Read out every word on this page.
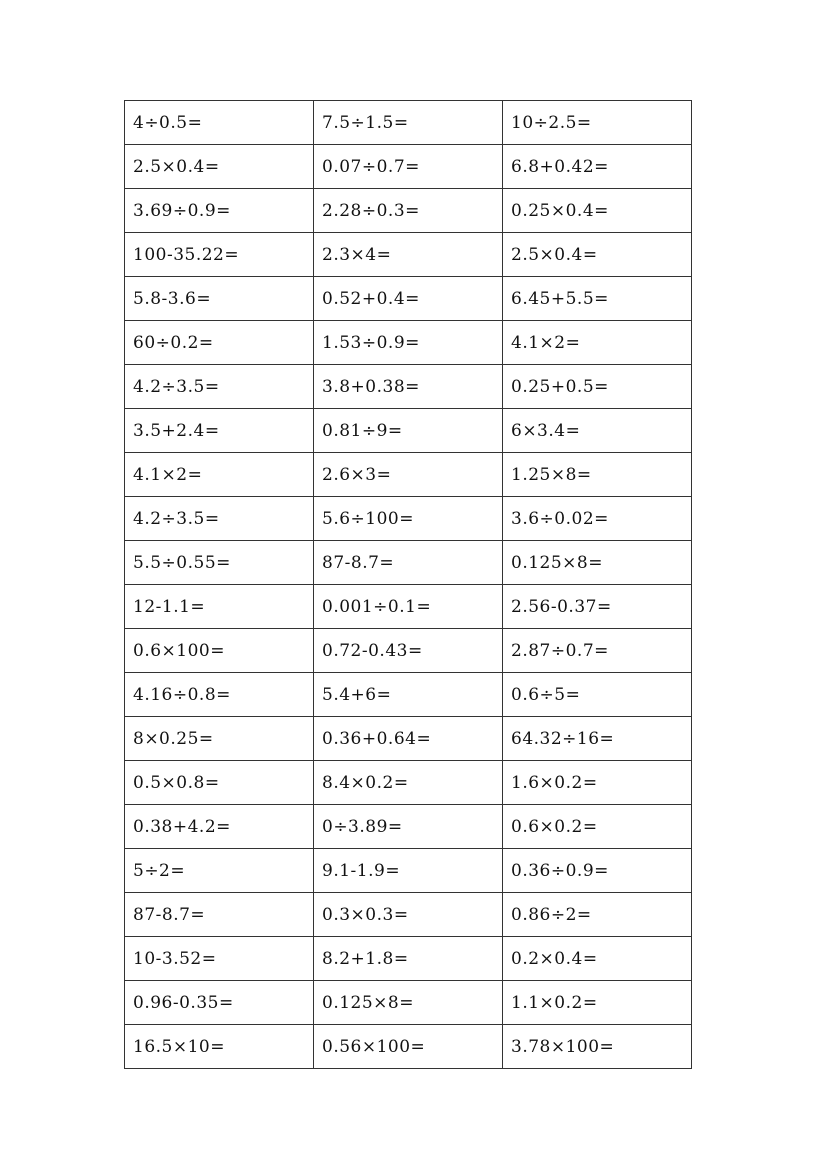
4÷0.5=	7.5÷1.5=	10÷2.5=
2.5×0.4=	0.07÷0.7=	6.8+0.42=
3.69÷0.9=	2.28÷0.3=	0.25×0.4=
100-35.22=	2.3×4=	2.5×0.4=
5.8-3.6=	0.52+0.4=	6.45+5.5=
60÷0.2=	1.53÷0.9=	4.1×2=
4.2÷3.5=	3.8+0.38=	0.25+0.5=
3.5+2.4=	0.81÷9=	6×3.4=
4.1×2=	2.6×3=	1.25×8=
4.2÷3.5=	5.6÷100=	3.6÷0.02=
5.5÷0.55=	87-8.7=	0.125×8=
12-1.1=	0.001÷0.1=	2.56-0.37=
0.6×100=	0.72-0.43=	2.87÷0.7=
4.16÷0.8=	5.4+6=	0.6÷5=
8×0.25=	0.36+0.64=	64.32÷16=
0.5×0.8=	8.4×0.2=	1.6×0.2=
0.38+4.2=	0÷3.89=	0.6×0.2=
5÷2=	9.1-1.9=	0.36÷0.9=
87-8.7=	0.3×0.3=	0.86÷2=
10-3.52=	8.2+1.8=	0.2×0.4=
0.96-0.35=	0.125×8=	1.1×0.2=
16.5×10=	0.56×100=	3.78×100=
